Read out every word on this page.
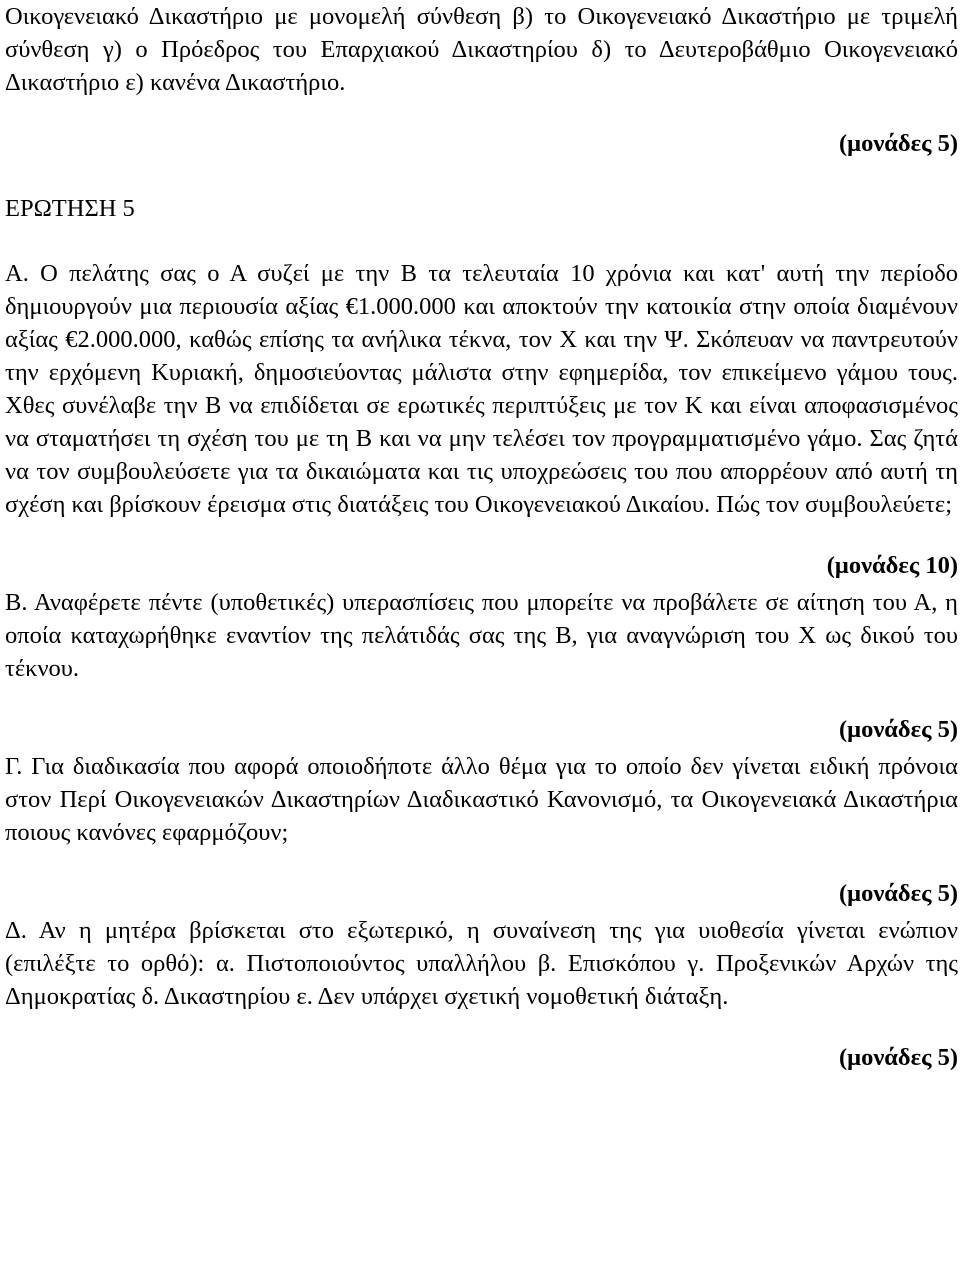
Οικογενειακό Δικαστήριο με μονομελή σύνθεση β) το Οικογενειακό Δικαστήριο με τριμελή σύνθεση γ) ο Πρόεδρος του Επαρχιακού Δικαστηρίου δ) το Δευτεροβάθμιο Οικογενειακό Δικαστήριο ε) κανένα Δικαστήριο.

(μονάδες 5)

ΕΡΩΤΗΣΗ 5

Α. Ο πελάτης σας ο Α συζεί με την Β τα τελευταία 10 χρόνια και κατ' αυτή την περίοδο δημιουργούν μια περιουσία αξίας €1.000.000 και αποκτούν την κατοικία στην οποία διαμένουν αξίας €2.000.000, καθώς επίσης τα ανήλικα τέκνα, τον Χ και την Ψ. Σκόπευαν να παντρευτούν την ερχόμενη Κυριακή, δημοσιεύοντας μάλιστα στην εφημερίδα, τον επικείμενο γάμου τους. Χθες συνέλαβε την Β να επιδίδεται σε ερωτικές περιπτύξεις με τον Κ και είναι αποφασισμένος να σταματήσει τη σχέση του με τη Β και να μην τελέσει τον προγραμματισμένο γάμο. Σας ζητά να τον συμβουλεύσετε για τα δικαιώματα και τις υποχρεώσεις του που απορρέουν από αυτή τη σχέση και βρίσκουν έρεισμα στις διατάξεις του Οικογενειακού Δικαίου. Πώς τον συμβουλεύετε;

(μονάδες 10)

Β. Αναφέρετε πέντε (υποθετικές) υπερασπίσεις που μπορείτε να προβάλετε σε αίτηση του Α, η οποία καταχωρήθηκε εναντίον της πελάτιδάς σας της Β, για αναγνώριση του Χ ως δικού του τέκνου.

(μονάδες 5)

Γ. Για διαδικασία που αφορά οποιοδήποτε άλλο θέμα για το οποίο δεν γίνεται ειδική πρόνοια στον Περί Οικογενειακών Δικαστηρίων Διαδικαστικό Κανονισμό, τα Οικογενειακά Δικαστήρια ποιους κανόνες εφαρμόζουν;

(μονάδες 5)

Δ. Αν η μητέρα βρίσκεται στο εξωτερικό, η συναίνεση της για υιοθεσία γίνεται ενώπιον (επιλέξτε το ορθό): α. Πιστοποιούντος υπαλλήλου β. Επισκόπου γ. Προξενικών Αρχών της Δημοκρατίας δ. Δικαστηρίου ε. Δεν υπάρχει σχετική νομοθετική διάταξη.

(μονάδες 5)
